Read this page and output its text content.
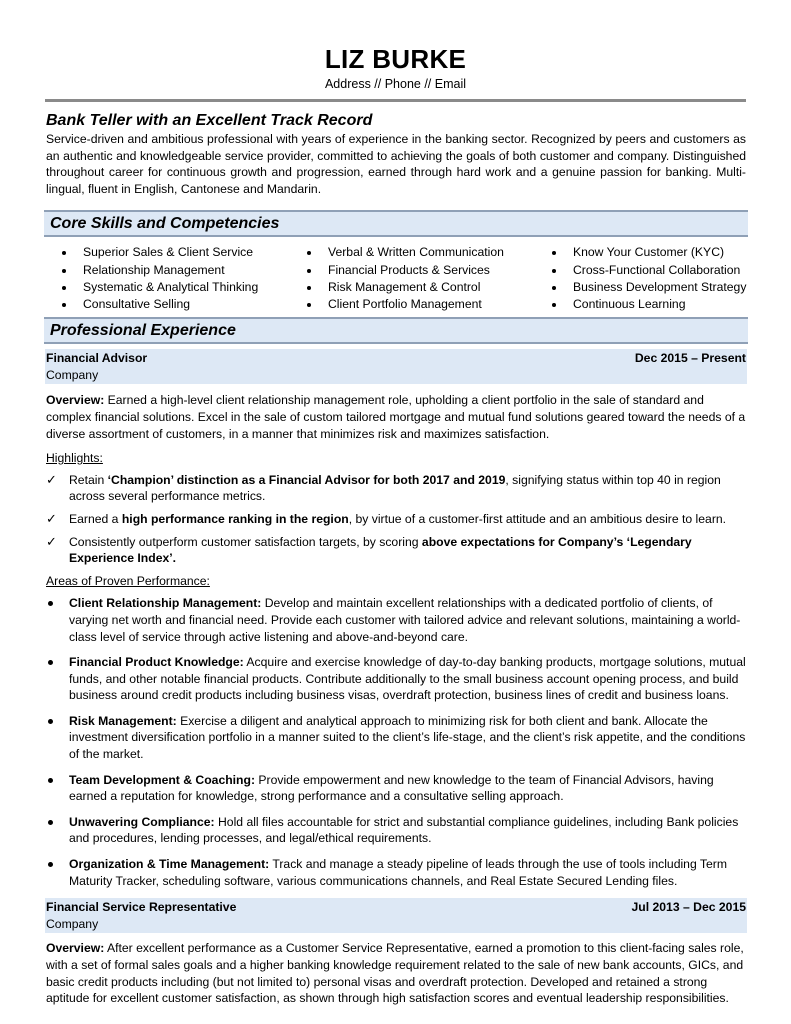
LIZ BURKE
Address // Phone // Email
Bank Teller with an Excellent Track Record

Service-driven and ambitious professional with years of experience in the banking sector. Recognized by peers and customers as an authentic and knowledgeable service provider, committed to achieving the goals of both customer and company. Distinguished throughout career for continuous growth and progression, earned through hard work and a genuine passion for banking. Multi-lingual, fluent in English, Cantonese and Mandarin.

Core Skills and Competencies
Superior Sales & Client Service
Relationship Management
Systematic & Analytical Thinking
Consultative Selling
Verbal & Written Communication
Financial Products & Services
Risk Management & Control
Client Portfolio Management
Know Your Customer (KYC)
Cross-Functional Collaboration
Business Development Strategy
Continuous Learning
Professional Experience
Financial Advisor	Dec 2015 – Present
Company

Overview: Earned a high-level client relationship management role, upholding a client portfolio in the sale of standard and complex financial solutions. Excel in the sale of custom tailored mortgage and mutual fund solutions geared toward the needs of a diverse assortment of customers, in a manner that minimizes risk and maximizes satisfaction.

Highlights:
✓ Retain ‘Champion’ distinction as a Financial Advisor for both 2017 and 2019, signifying status within top 40 in region across several performance metrics.
✓ Earned a high performance ranking in the region, by virtue of a customer-first attitude and an ambitious desire to learn.
✓ Consistently outperform customer satisfaction targets, by scoring above expectations for Company’s ‘Legendary Experience Index’.
Areas of Proven Performance:
Client Relationship Management: Develop and maintain excellent relationships with a dedicated portfolio of clients, of varying net worth and financial need. Provide each customer with tailored advice and relevant solutions, maintaining a world-class level of service through active listening and above-and-beyond care.
Financial Product Knowledge: Acquire and exercise knowledge of day-to-day banking products, mortgage solutions, mutual funds, and other notable financial products. Contribute additionally to the small business account opening process, and build business around credit products including business visas, overdraft protection, business lines of credit and business loans.
Risk Management: Exercise a diligent and analytical approach to minimizing risk for both client and bank. Allocate the investment diversification portfolio in a manner suited to the client’s life-stage, and the client’s risk appetite, and the conditions of the market.
Team Development & Coaching: Provide empowerment and new knowledge to the team of Financial Advisors, having earned a reputation for knowledge, strong performance and a consultative selling approach.
Unwavering Compliance: Hold all files accountable for strict and substantial compliance guidelines, including Bank policies and procedures, lending processes, and legal/ethical requirements.
Organization & Time Management: Track and manage a steady pipeline of leads through the use of tools including Term Maturity Tracker, scheduling software, various communications channels, and Real Estate Secured Lending files.
Financial Service Representative	Jul 2013 – Dec 2015
Company

Overview: After excellent performance as a Customer Service Representative, earned a promotion to this client-facing sales role, with a set of formal sales goals and a higher banking knowledge requirement related to the sale of new bank accounts, GICs, and basic credit products including (but not limited to) personal visas and overdraft protection. Developed and retained a strong aptitude for excellent customer satisfaction, as shown through high satisfaction scores and eventual leadership responsibilities.
